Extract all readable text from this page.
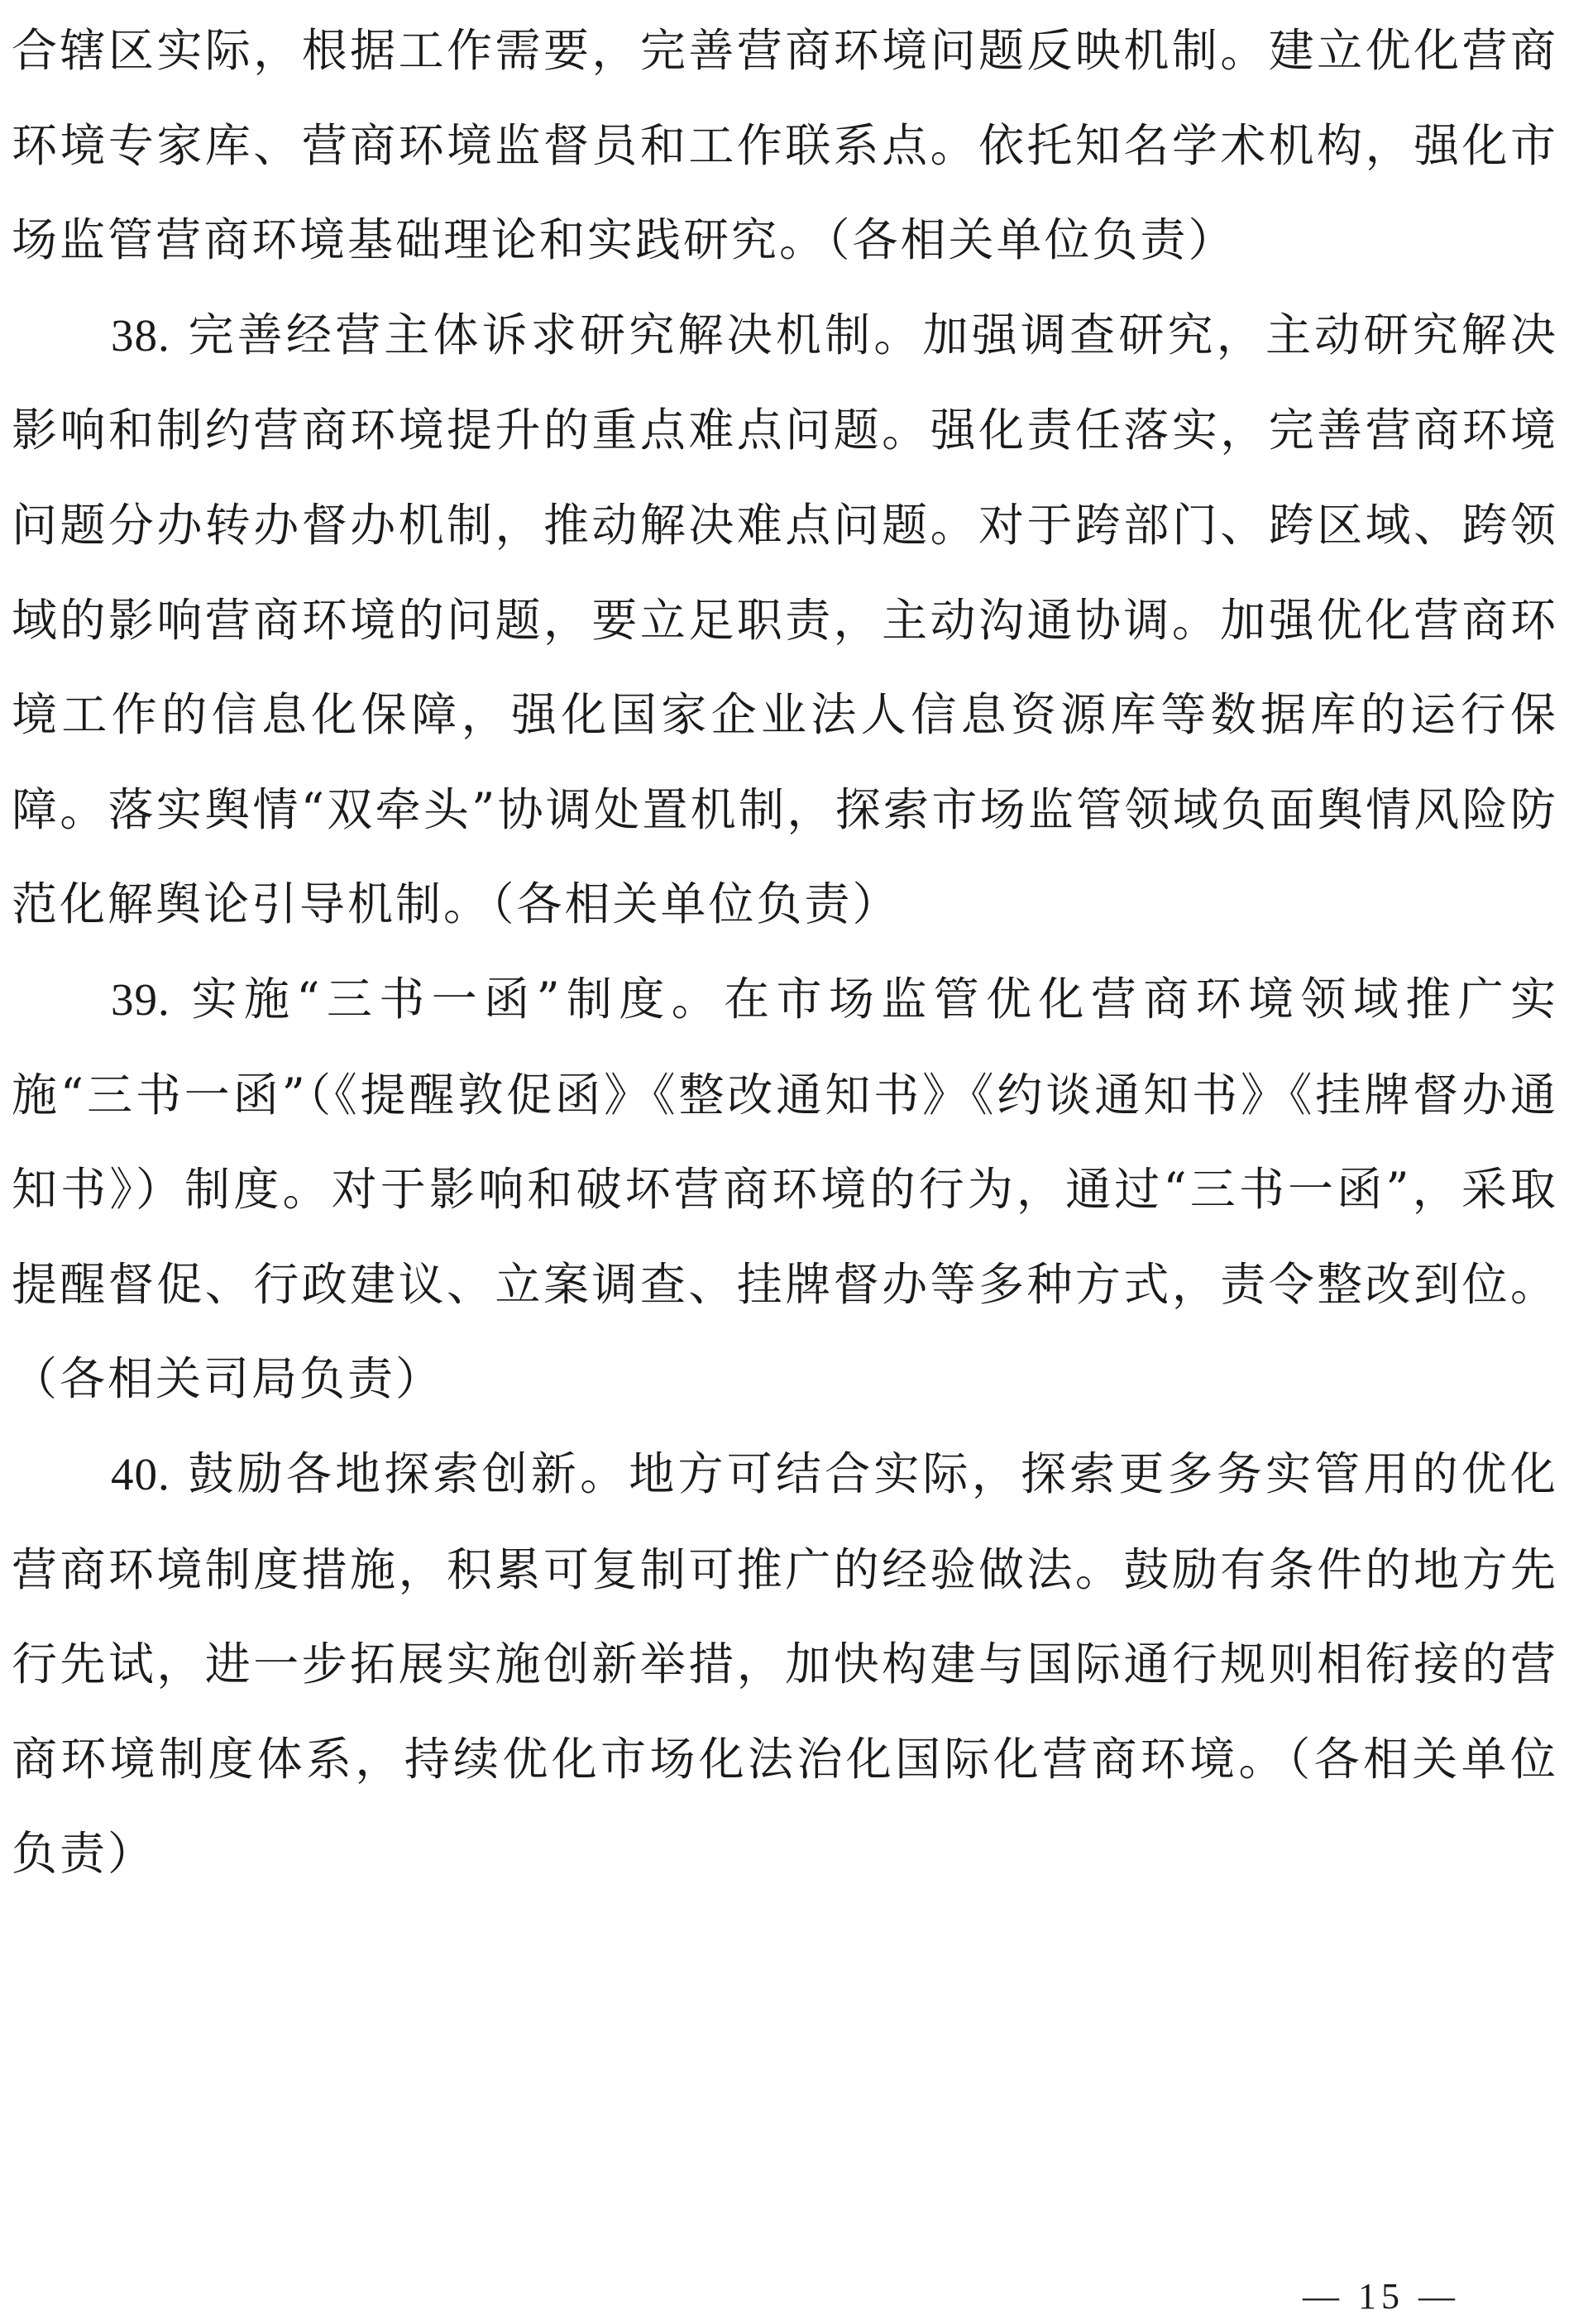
合辖区实际，根据工作需要，完善营商环境问题反映机制。建立优化营商环境专家库、营商环境监督员和工作联系点。依托知名学术机构，强化市场监管营商环境基础理论和实践研究。（各相关单位负责）

38. 完善经营主体诉求研究解决机制。加强调查研究，主动研究解决影响和制约营商环境提升的重点难点问题。强化责任落实，完善营商环境问题分办转办督办机制，推动解决难点问题。对于跨部门、跨区域、跨领域的影响营商环境的问题，要立足职责，主动沟通协调。加强优化营商环境工作的信息化保障，强化国家企业法人信息资源库等数据库的运行保障。落实舆情“双牵头”协调处置机制，探索市场监管领域负面舆情风险防范化解舆论引导机制。（各相关单位负责）

39. 实施“三书一函”制度。在市场监管优化营商环境领域推广实施“三书一函”（《提醒敦促函》《整改通知书》《约谈通知书》《挂牌督办通知书》）制度。对于影响和破坏营商环境的行为，通过“三书一函”，采取提醒督促、行政建议、立案调查、挂牌督办等多种方式，责令整改到位。（各相关司局负责）

40. 鼓励各地探索创新。地方可结合实际，探索更多务实管用的优化营商环境制度措施，积累可复制可推广的经验做法。鼓励有条件的地方先行先试，进一步拓展实施创新举措，加快构建与国际通行规则相衔接的营商环境制度体系，持续优化市场化法治化国际化营商环境。（各相关单位负责）

— 15 —
